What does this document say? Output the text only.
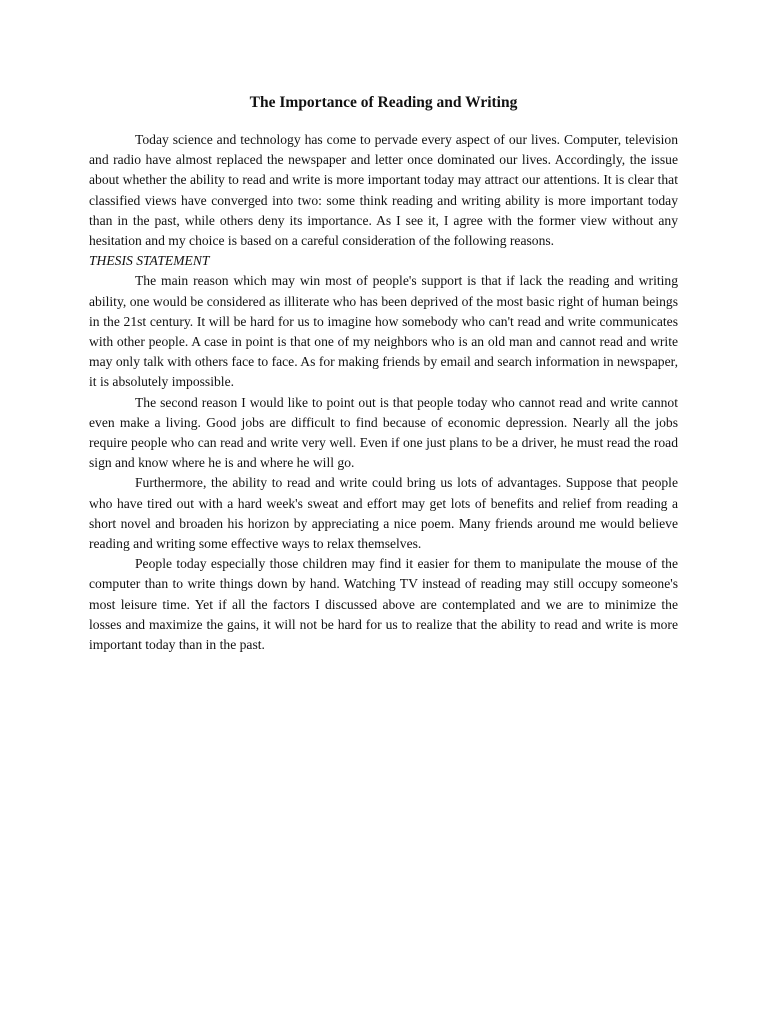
The Importance of Reading and Writing

Today science and technology has come to pervade every aspect of our lives. Computer, television and radio have almost replaced the newspaper and letter once dominated our lives. Accordingly, the issue about whether the ability to read and write is more important today may attract our attentions. It is clear that classified views have converged into two: some think reading and writing ability is more important today than in the past, while others deny its importance. As I see it, I agree with the former view without any hesitation and my choice is based on a careful consideration of the following reasons.

THESIS STATEMENT

The main reason which may win most of people's support is that if lack the reading and writing ability, one would be considered as illiterate who has been deprived of the most basic right of human beings in the 21st century. It will be hard for us to imagine how somebody who can't read and write communicates with other people. A case in point is that one of my neighbors who is an old man and cannot read and write may only talk with others face to face. As for making friends by email and search information in newspaper, it is absolutely impossible.

The second reason I would like to point out is that people today who cannot read and write cannot even make a living. Good jobs are difficult to find because of economic depression. Nearly all the jobs require people who can read and write very well. Even if one just plans to be a driver, he must read the road sign and know where he is and where he will go.

Furthermore, the ability to read and write could bring us lots of advantages. Suppose that people who have tired out with a hard week's sweat and effort may get lots of benefits and relief from reading a short novel and broaden his horizon by appreciating a nice poem. Many friends around me would believe reading and writing some effective ways to relax themselves.

People today especially those children may find it easier for them to manipulate the mouse of the computer than to write things down by hand. Watching TV instead of reading may still occupy someone's most leisure time. Yet if all the factors I discussed above are contemplated and we are to minimize the losses and maximize the gains, it will not be hard for us to realize that the ability to read and write is more important today than in the past.
